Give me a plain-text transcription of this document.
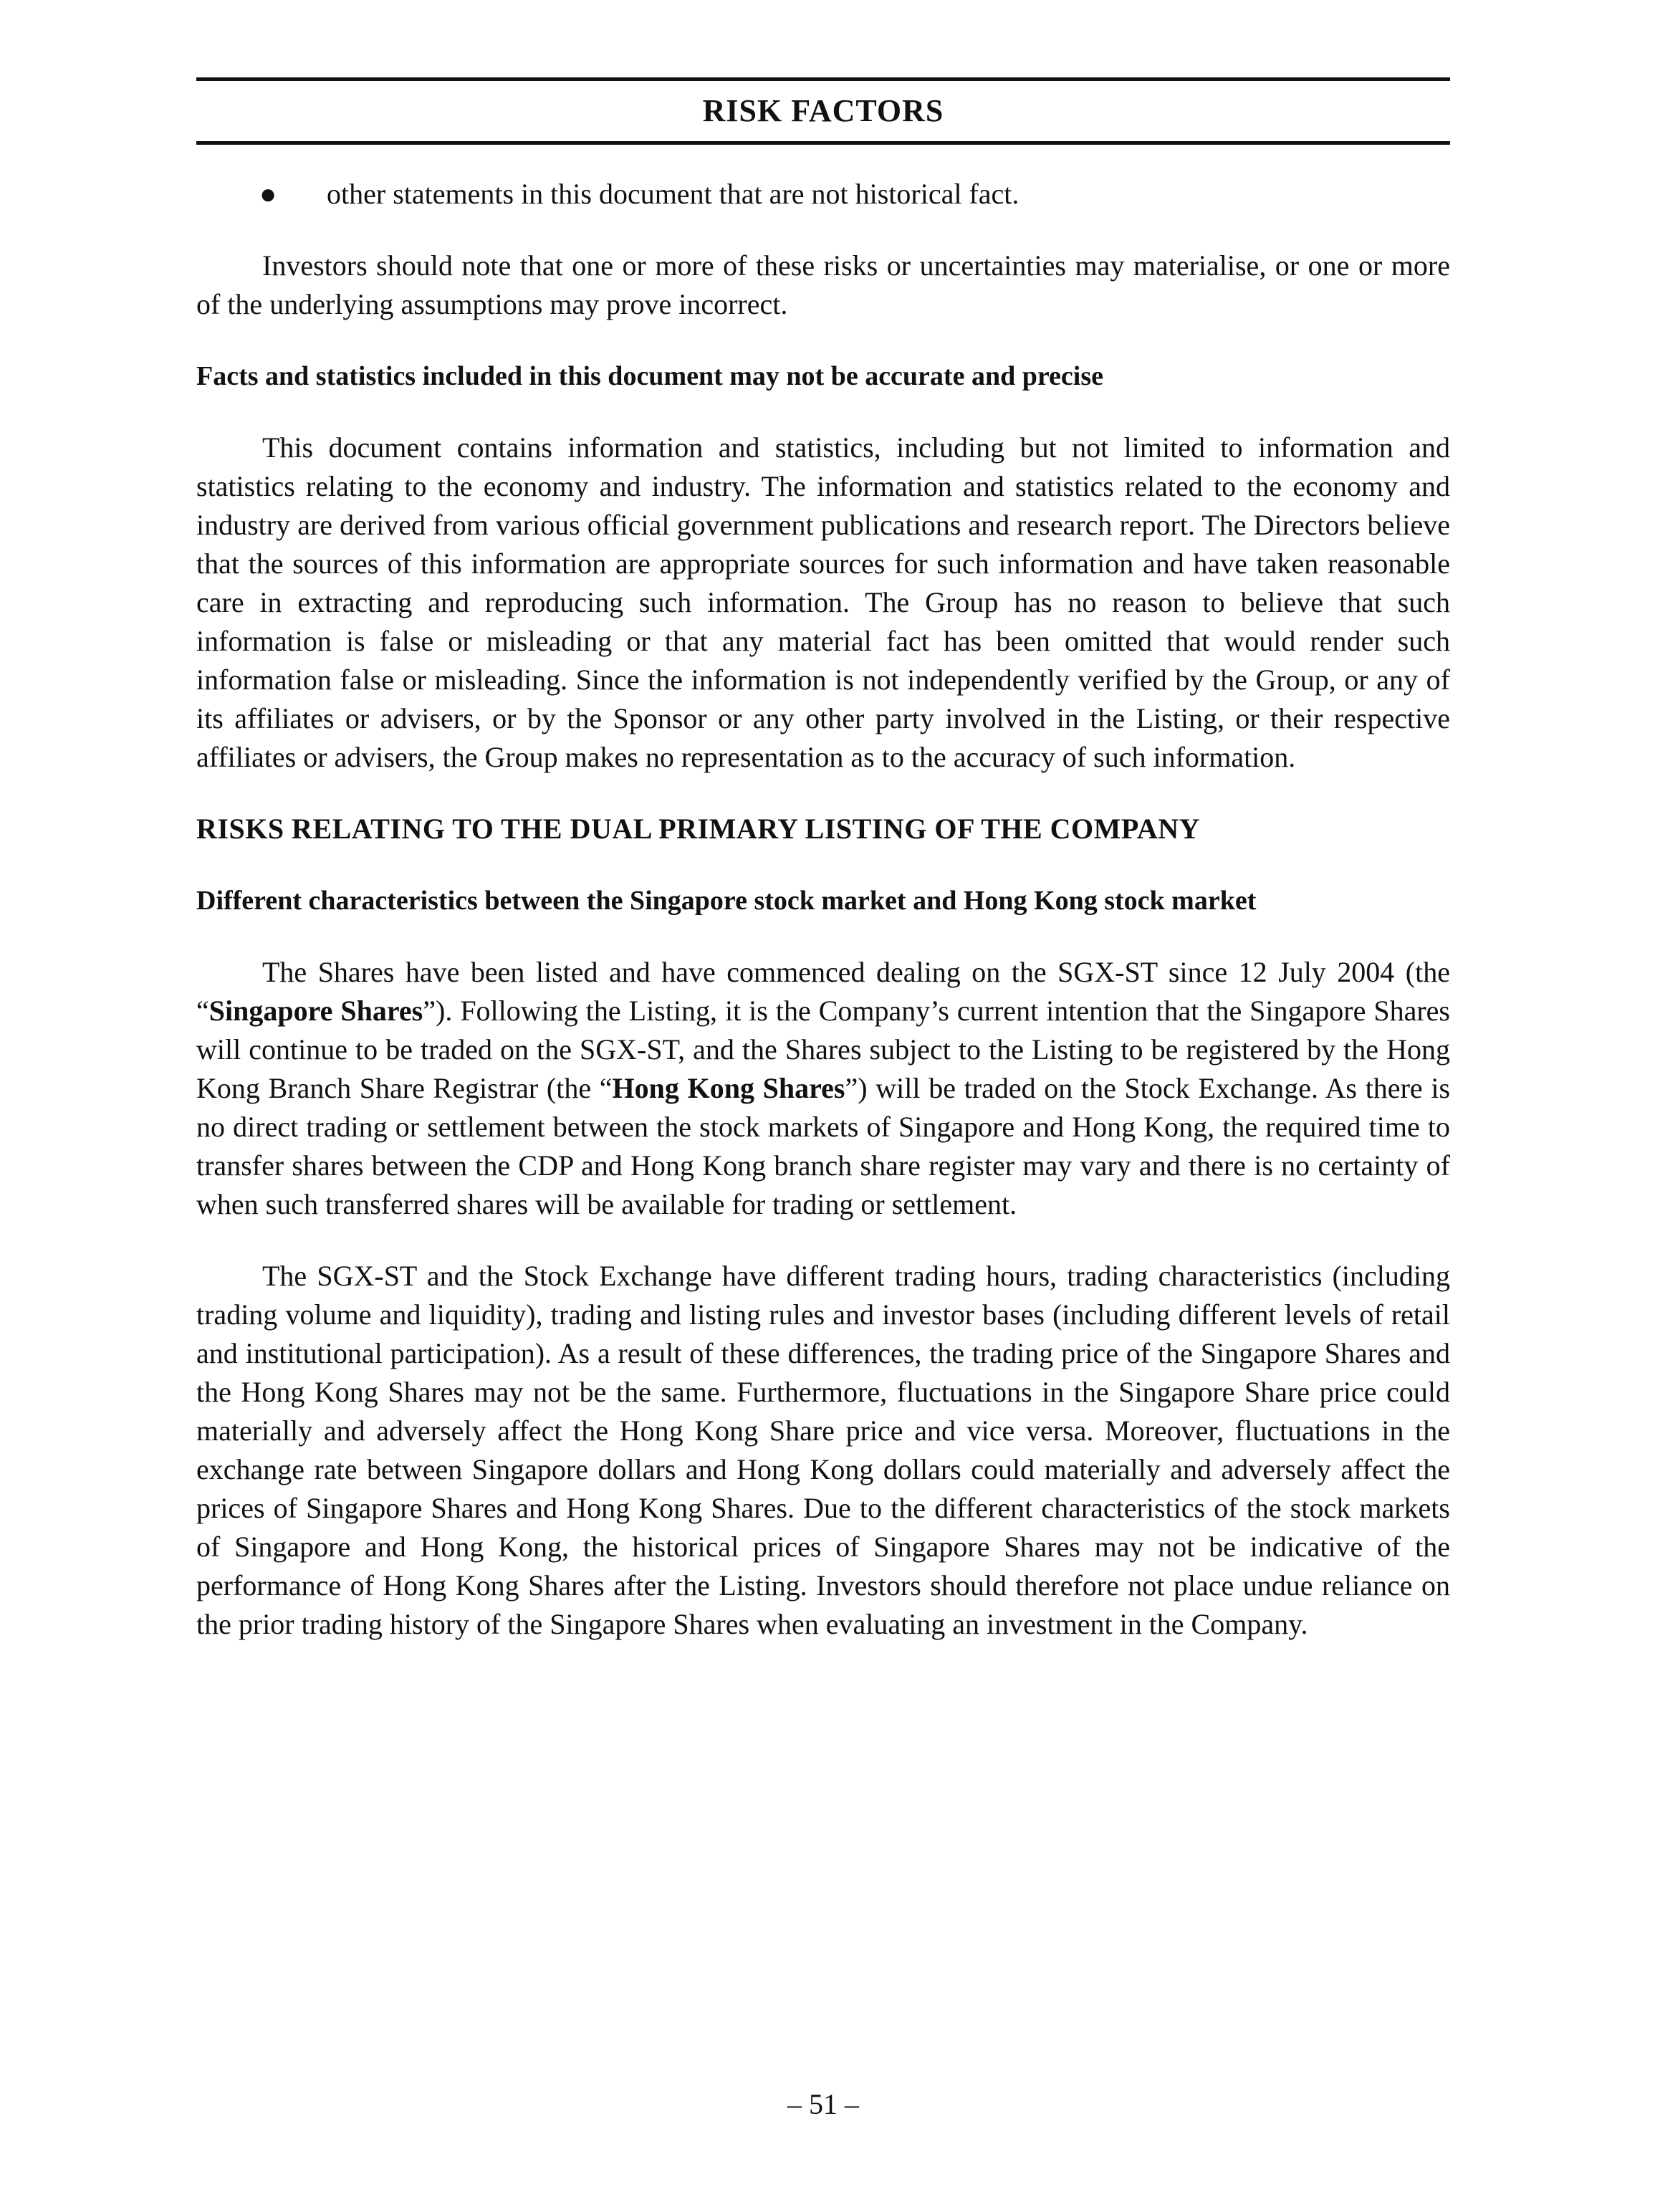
RISK FACTORS
●	other statements in this document that are not historical fact.

Investors should note that one or more of these risks or uncertainties may materialise, or one or more of the underlying assumptions may prove incorrect.

Facts and statistics included in this document may not be accurate and precise

This document contains information and statistics, including but not limited to information and statistics relating to the economy and industry. The information and statistics related to the economy and industry are derived from various official government publications and research report. The Directors believe that the sources of this information are appropriate sources for such information and have taken reasonable care in extracting and reproducing such information. The Group has no reason to believe that such information is false or misleading or that any material fact has been omitted that would render such information false or misleading. Since the information is not independently verified by the Group, or any of its affiliates or advisers, or by the Sponsor or any other party involved in the Listing, or their respective affiliates or advisers, the Group makes no representation as to the accuracy of such information.

RISKS RELATING TO THE DUAL PRIMARY LISTING OF THE COMPANY

Different characteristics between the Singapore stock market and Hong Kong stock market

The Shares have been listed and have commenced dealing on the SGX-ST since 12 July 2004 (the “Singapore Shares”). Following the Listing, it is the Company’s current intention that the Singapore Shares will continue to be traded on the SGX-ST, and the Shares subject to the Listing to be registered by the Hong Kong Branch Share Registrar (the “Hong Kong Shares”) will be traded on the Stock Exchange. As there is no direct trading or settlement between the stock markets of Singapore and Hong Kong, the required time to transfer shares between the CDP and Hong Kong branch share register may vary and there is no certainty of when such transferred shares will be available for trading or settlement.

The SGX-ST and the Stock Exchange have different trading hours, trading characteristics (including trading volume and liquidity), trading and listing rules and investor bases (including different levels of retail and institutional participation). As a result of these differences, the trading price of the Singapore Shares and the Hong Kong Shares may not be the same. Furthermore, fluctuations in the Singapore Share price could materially and adversely affect the Hong Kong Share price and vice versa. Moreover, fluctuations in the exchange rate between Singapore dollars and Hong Kong dollars could materially and adversely affect the prices of Singapore Shares and Hong Kong Shares. Due to the different characteristics of the stock markets of Singapore and Hong Kong, the historical prices of Singapore Shares may not be indicative of the performance of Hong Kong Shares after the Listing. Investors should therefore not place undue reliance on the prior trading history of the Singapore Shares when evaluating an investment in the Company.

– 51 –
